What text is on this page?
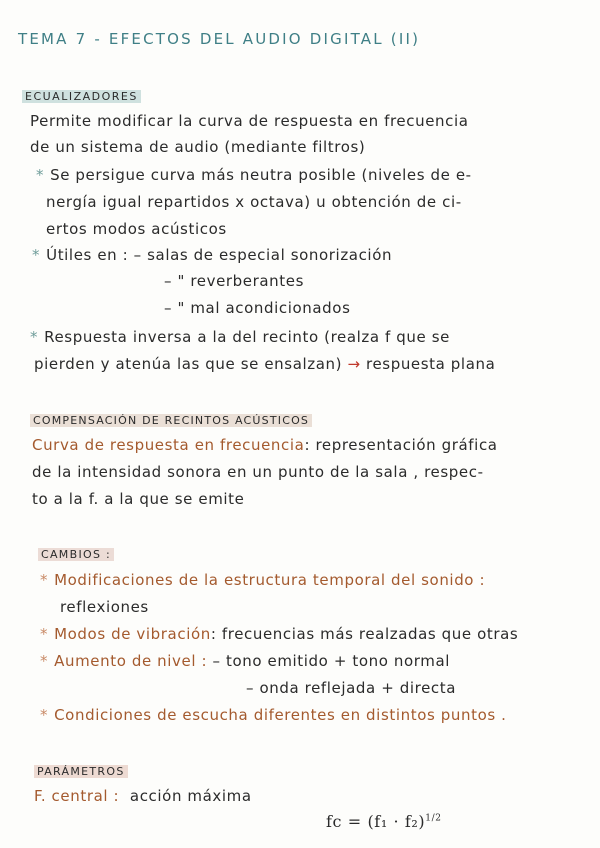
TEMA 7 - EFECTOS DEL AUDIO DIGITAL (II)
ECUALIZADORES
Permite modificar la curva de respuesta en frecuencia
de un sistema de audio (mediante filtros)
* Se persigue curva más neutra posible (niveles de e-
nergía igual repartidos x octava) u obtención de ci-
ertos modos acústicos
* Útiles en : – salas de especial sonorización
– " reverberantes
– " mal acondicionados
* Respuesta inversa a la del recinto (realza f que se
pierden y atenúa las que se ensalzan) → respuesta plana
COMPENSACIÓN DE RECINTOS ACÚSTICOS
Curva de respuesta en frecuencia: representación gráfica
de la intensidad sonora en un punto de la sala , respec-
to a la f. a la que se emite
CAMBIOS :
* Modificaciones de la estructura temporal del sonido :
reflexiones
* Modos de vibración: frecuencias más realzadas que otras
* Aumento de nivel : – tono emitido + tono normal
– onda reflejada + directa
* Condiciones de escucha diferentes en distintos puntos .
PARÁMETROS
F. central : acción máxima
fc = $(f_1 \cdot f_2)^{1/2}$
